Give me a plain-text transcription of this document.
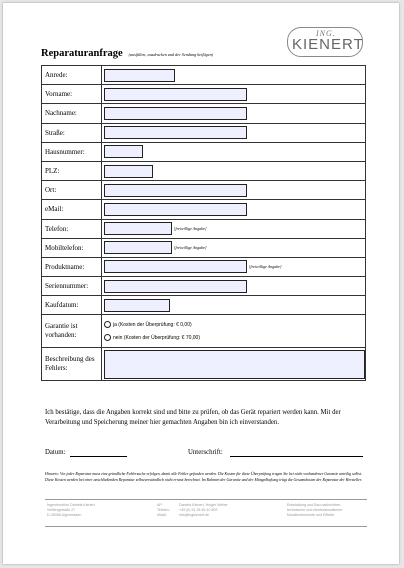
Reparaturanfrage (ausfüllen, ausdrucken und der Sendung beifügen)
ING.
KIENERT
Anrede:	

Vorname:	

Nachname:	

Straße:	

Hausnummer:	

PLZ:	

Ort:	

eMail:	

Telefon:	[freiwillige Angabe]

Mobiltelefon:	[freiwillige Angabe]

Produktname:	[freiwillige Angabe]

Seriennummer:	

Kaufdatum:	

Garantie ist vorhanden:	ja (Kosten der Überprüfung: € 0,00)
nein (Kosten der Überprüfung: € 70,00)

Beschreibung des Fehlers:	
Ich bestätige, dass die Angaben korrekt sind und bitte zu prüfen, ob das Gerät repariert werden kann. Mit der Verarbeitung und Speicherung meiner hier gemachten Angaben bin ich einverstanden.
Datum:	Unterschrift:
Hinweis: Vor jeder Reparatur muss eine gründliche Fehlersuche erfolgen, damit alle Fehler gefunden werden. Die Kosten für diese Überprüfung tragen Sie bei nicht vorhandener Garantie anteilig selbst. Diese Kosten werden bei einer anschließenden Reparatur selbstverständlich nicht erneut berechnet. Im Rahmen der Garantie und der Mängelhaftung trägt die Gesamtkosten der Reparatur der Hersteller.
Ingenieurbüro Daniela Kienert
Veilbergstraße 27
D-35396 Algermissen
AP:
Telefon:
eMail:
Daniela Kienert, Holger Weber
+49 (0) 51 26 45 10 802
info@ingkienert.de
Entwicklung und Bau nachrichten-
technischer und elektroakustischer
Musikinstrumente und Effekte
